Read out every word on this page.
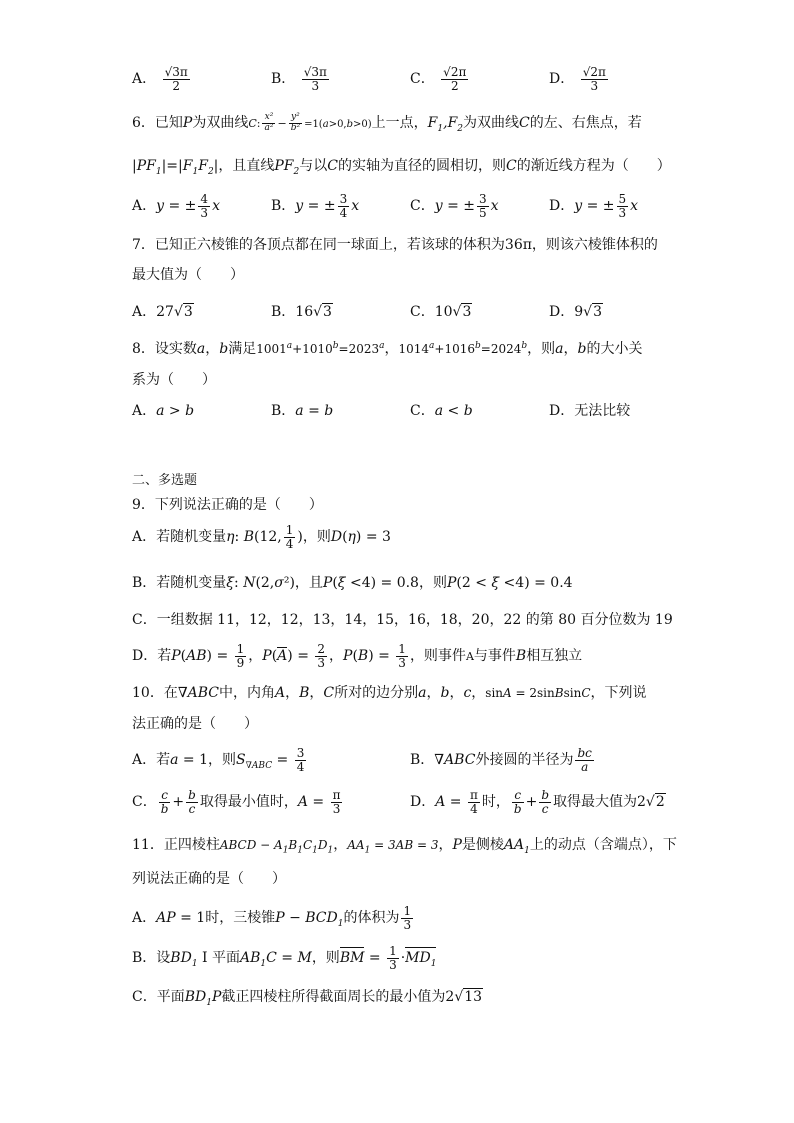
A． $\frac{√3\pi}{2}$	B． $\frac{√3\pi}{3}$	C． $\frac{√2\pi}{2}$	D． $\frac{√2\pi}{3}$
6．已知P为双曲线C: $\frac{\text{x²}}{\text{a²}} - \frac{\text{y²}}{\text{b²}} =1(a>0,b>0)$上一点，$F_1,F_2$为双曲线C的左、右焦点，若
$|PF_1|=|F_1F_2|$，且直线$PF_2$与以C的实轴为直径的圆相切，则C的渐近线方程为（　　）
A．y = ± $\frac{4}{3}$ x	B．y = ± $\frac{3}{4}$ x	C．y = ± $\frac{3}{5}$ x	D．y = ± $\frac{5}{3}$ x
7．已知正六棱锥的各顶点都在同一球面上，若该球的体积为36π，则该六棱锥体积的
最大值为（　　）
A．27√3	B．16√3	C．10√3	D．9√3
8．设实数a，b满足$1001^a+1010^b=2023^a$，$1014^a+1016^b=2024^b$，则a，b的大小关
系为（　　）
A．a > b	B．a = b	C．a < b	D．无法比较
二、多选题
9．下列说法正确的是（　　）
A．若随机变量η: B(12, $\frac{1}{4}$ )，则D(η) = 3
B．若随机变量ξ: N(2,σ²)，且P(ξ <4) = 0.8，则P(2 < ξ <4) = 0.4
C．一组数据 11，12，12，13，14，15，16，18，20，22 的第 80 百分位数为 19
D．若$P(AB) = \frac{1}{9}$ ，$P(A) = \frac{2}{3}$ ，$P(B) = \frac{1}{3}$ ，则事件A与事件B相互独立
10．在∇ABC中，内角A，B，C所对的边分别a，b，c，sinA = 2sinBsinC，下列说
法正确的是（　　）
A．若a = 1，则$S_{\nabla ABC} = \frac{3}{4}$	B．∇ABC外接圆的半径为 $\frac{bc}{a}$
C． $\frac{c}{b} + \frac{b}{c}$ 取得最小值时，$A = \frac{\pi}{3}$	D．$A = \frac{\pi}{4}$ 时， $\frac{c}{b} + \frac{b}{c}$ 取得最大值为2√2
11．正四棱柱ABCD − $A_1B_1C_1D_1$，$AA_1 = 3AB = 3$，P是侧棱$AA_1$上的动点（含端点），下
列说法正确的是（　　）
A．AP = 1时，三棱锥$P - BCD_1$的体积为 $\frac{1}{3}$
B．设$BD_1$ I 平面$AB_1C = M$，则BM = $\frac{1}{3} \cdot MD_1$
C．平面$BD_1P$截正四棱柱所得截面周长的最小值为2√13
